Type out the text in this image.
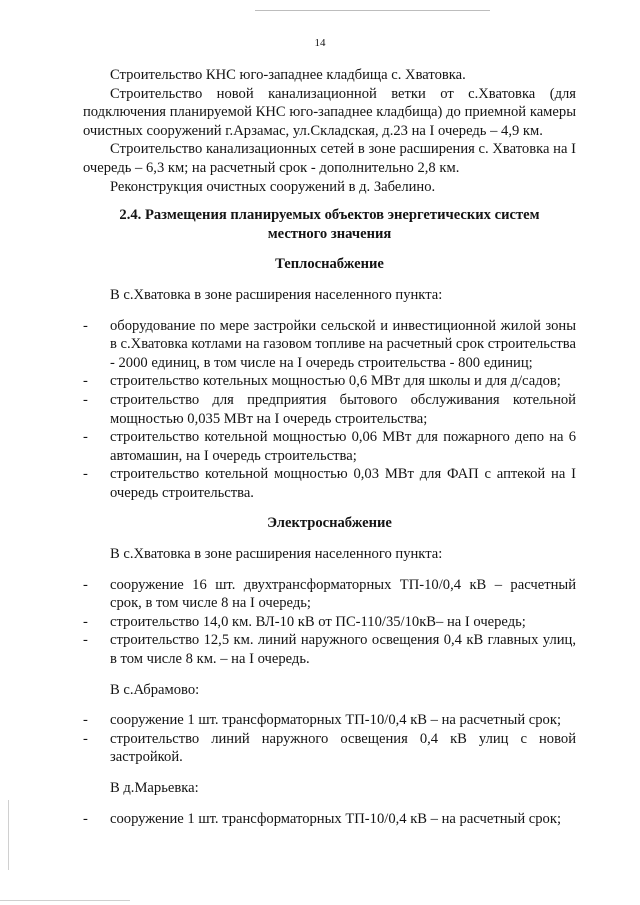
14

Строительство КНС юго-западнее кладбища с. Хватовка.

Строительство новой канализационной ветки от с.Хватовка (для подключения планируемой КНС юго-западнее кладбища) до приемной камеры очистных сооружений г.Арзамас, ул.Складская, д.23 на I очередь – 4,9 км.

Строительство канализационных сетей в зоне расширения с. Хватовка на I очередь – 6,3 км; на расчетный срок - дополнительно 2,8 км.

Реконструкция очистных сооружений в д. Забелино.

2.4. Размещения планируемых объектов энергетических систем местного значения

Теплоснабжение

В с.Хватовка в зоне расширения населенного пункта:

- оборудование по мере застройки сельской и инвестиционной жилой зоны в с.Хватовка котлами на газовом топливе на расчетный срок строительства - 2000 единиц, в том числе на I очередь строительства - 800 единиц;
- строительство котельных мощностью 0,6 МВт для школы и для д/садов;
- строительство для предприятия бытового обслуживания котельной мощностью 0,035 МВт на I очередь строительства;
- строительство котельной мощностью 0,06 МВт для пожарного депо на 6 автомашин, на I очередь строительства;
- строительство котельной мощностью 0,03 МВт для ФАП с аптекой на I очередь строительства.

Электроснабжение

В с.Хватовка в зоне расширения населенного пункта:

- сооружение 16 шт. двухтрансформаторных ТП-10/0,4 кВ – расчетный срок, в том числе 8 на I очередь;
- строительство 14,0 км. ВЛ-10 кВ от ПС-110/35/10кВ– на I очередь;
- строительство 12,5 км. линий наружного освещения 0,4 кВ главных улиц, в том числе 8 км. – на I очередь.

В с.Абрамово:

- сооружение 1 шт. трансформаторных ТП-10/0,4 кВ – на расчетный срок;
- строительство линий наружного освещения 0,4 кВ улиц с новой застройкой.

В д.Марьевка:

- сооружение 1 шт. трансформаторных ТП-10/0,4 кВ – на расчетный срок;
